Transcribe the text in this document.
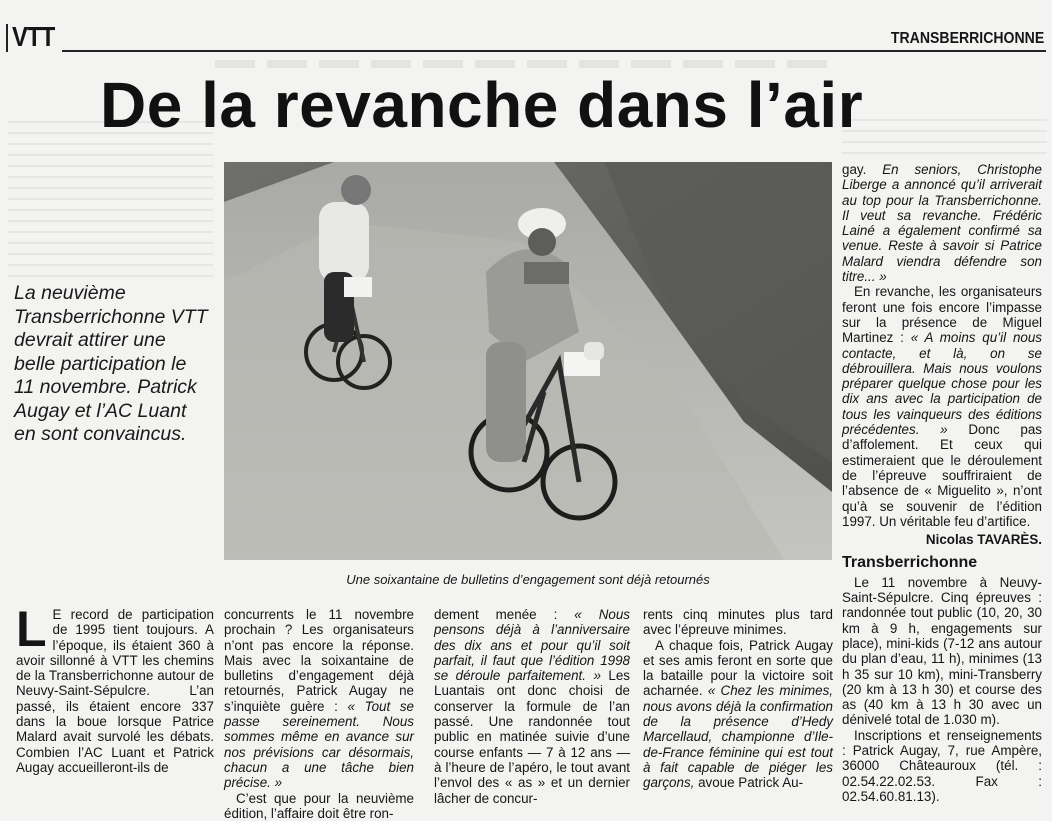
VTT	TRANSBERRICHONNE
De la revanche dans l’air
La neuvième Transberrichonne VTT devrait attirer une belle participation le 11 novembre. Patrick Augay et l’AC Luant en sont convaincus.
Une soixantaine de bulletins d’engagement sont déjà retournés

L E record de participation de 1995 tient toujours. A l’époque, ils étaient 360 à avoir sillonné à VTT les chemins de la Transberrichonne autour de Neuvy-Saint-Sépulcre. L’an passé, ils étaient encore 337 dans la boue lorsque Patrice Malard avait survolé les débats. Combien l’AC Luant et Patrick Augay accueilleront-ils de

concurrents le 11 novembre prochain ? Les organisateurs n’ont pas encore la réponse. Mais avec la soixantaine de bulletins d’engagement déjà retournés, Patrick Augay ne s’inquiète guère : « Tout se passe sereinement. Nous sommes même en avance sur nos prévisions car désormais, chacun a une tâche bien précise. »

C’est que pour la neuvième édition, l’affaire doit être ron-

dement menée : « Nous pensons déjà à l’anniversaire des dix ans et pour qu’il soit parfait, il faut que l’édition 1998 se déroule parfaitement. » Les Luantais ont donc choisi de conserver la formule de l’an passé. Une randonnée tout public en matinée suivie d’une course enfants — 7 à 12 ans — à l’heure de l’apéro, le tout avant l’envol des « as » et un dernier lâcher de concur-

rents cinq minutes plus tard avec l’épreuve minimes.

A chaque fois, Patrick Augay et ses amis feront en sorte que la bataille pour la victoire soit acharnée. « Chez les minimes, nous avons déjà la confirmation de la présence d’Hedy Marcellaud, championne d’Ile-de-France féminine qui est tout à fait capable de piéger les garçons, avoue Patrick Au-

gay. En seniors, Christophe Liberge a annoncé qu’il arriverait au top pour la Transberrichonne. Il veut sa revanche. Frédéric Lainé a également confirmé sa venue. Reste à savoir si Patrice Malard viendra défendre son titre... »

En revanche, les organisateurs feront une fois encore l’impasse sur la présence de Miguel Martinez : « A moins qu’il nous contacte, et là, on se débrouillera. Mais nous voulons préparer quelque chose pour les dix ans avec la participation de tous les vainqueurs des éditions précédentes. » Donc pas d’affolement. Et ceux qui estimeraient que le déroulement de l’épreuve souffriraient de l’absence de « Miguelito », n’ont qu’à se souvenir de l’édition 1997. Un véritable feu d’artifice.

Nicolas TAVARÈS.

Transberrichonne

Le 11 novembre à Neuvy-Saint-Sépulcre. Cinq épreuves : randonnée tout public (10, 20, 30 km à 9 h, engagements sur place), mini-kids (7-12 ans autour du plan d’eau, 11 h), minimes (13 h 35 sur 10 km), mini-Transberry (20 km à 13 h 30) et course des as (40 km à 13 h 30 avec un dénivelé total de 1.030 m).

Inscriptions et renseignements : Patrick Augay, 7, rue Ampère, 36000 Châteauroux (tél. : 02.54.22.02.53. Fax : 02.54.60.81.13).
